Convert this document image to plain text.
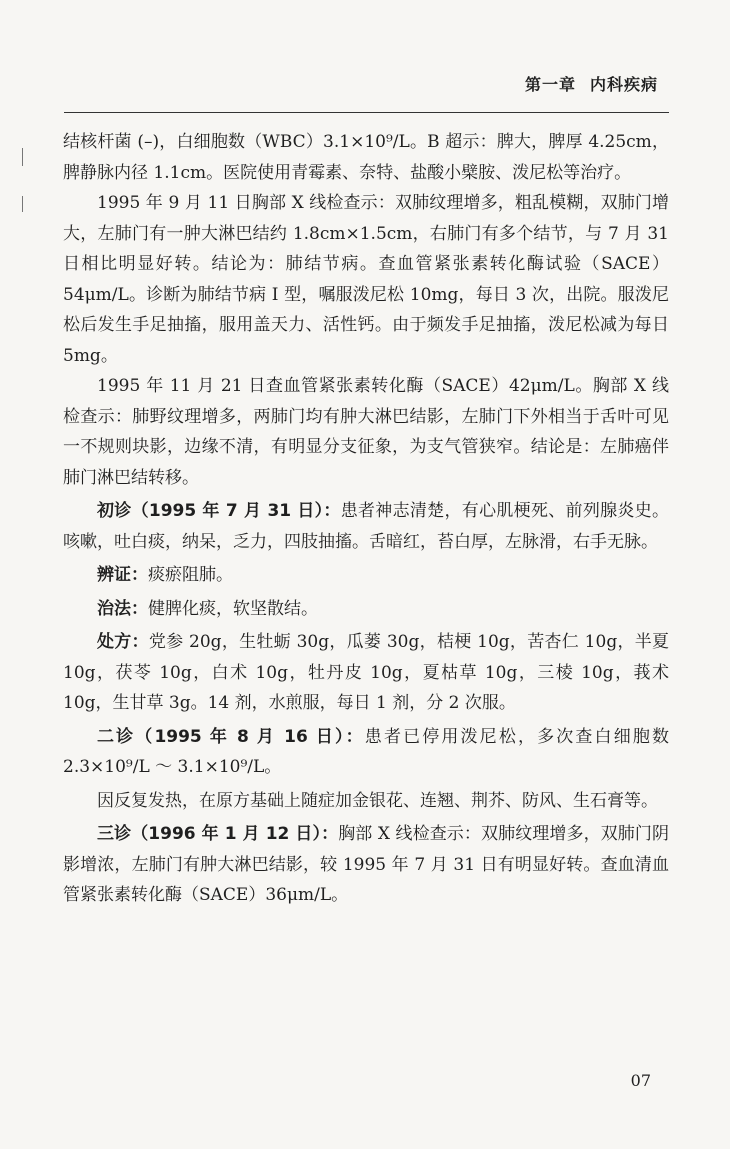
第一章 内科疾病

结核杆菌 (–)，白细胞数（WBC）3.1×10⁹/L。B 超示：脾大，脾厚 4.25cm，脾静脉内径 1.1cm。医院使用青霉素、奈特、盐酸小檗胺、泼尼松等治疗。

1995 年 9 月 11 日胸部 X 线检查示：双肺纹理增多，粗乱模糊，双肺门增大，左肺门有一肿大淋巴结约 1.8cm×1.5cm，右肺门有多个结节，与 7 月 31 日相比明显好转。结论为：肺结节病。查血管紧张素转化酶试验（SACE）54μm/L。诊断为肺结节病 Ⅰ 型，嘱服泼尼松 10mg，每日 3 次，出院。服泼尼松后发生手足抽搐，服用盖天力、活性钙。由于频发手足抽搐，泼尼松减为每日 5mg。

1995 年 11 月 21 日查血管紧张素转化酶（SACE）42μm/L。胸部 X 线检查示：肺野纹理增多，两肺门均有肿大淋巴结影，左肺门下外相当于舌叶可见一不规则块影，边缘不清，有明显分支征象，为支气管狭窄。结论是：左肺癌伴肺门淋巴结转移。

初诊（1995 年 7 月 31 日）：患者神志清楚，有心肌梗死、前列腺炎史。咳嗽，吐白痰，纳呆，乏力，四肢抽搐。舌暗红，苔白厚，左脉滑，右手无脉。

辨证：痰瘀阻肺。

治法：健脾化痰，软坚散结。

处方：党参 20g，生牡蛎 30g，瓜蒌 30g，桔梗 10g，苦杏仁 10g，半夏 10g，茯苓 10g，白术 10g，牡丹皮 10g，夏枯草 10g，三棱 10g，莪术 10g，生甘草 3g。14 剂，水煎服，每日 1 剂，分 2 次服。

二诊（1995 年 8 月 16 日）：患者已停用泼尼松，多次查白细胞数 2.3×10⁹/L ～ 3.1×10⁹/L。

因反复发热，在原方基础上随症加金银花、连翘、荆芥、防风、生石膏等。

三诊（1996 年 1 月 12 日）：胸部 X 线检查示：双肺纹理增多，双肺门阴影增浓，左肺门有肿大淋巴结影，较 1995 年 7 月 31 日有明显好转。查血清血管紧张素转化酶（SACE）36μm/L。

07
